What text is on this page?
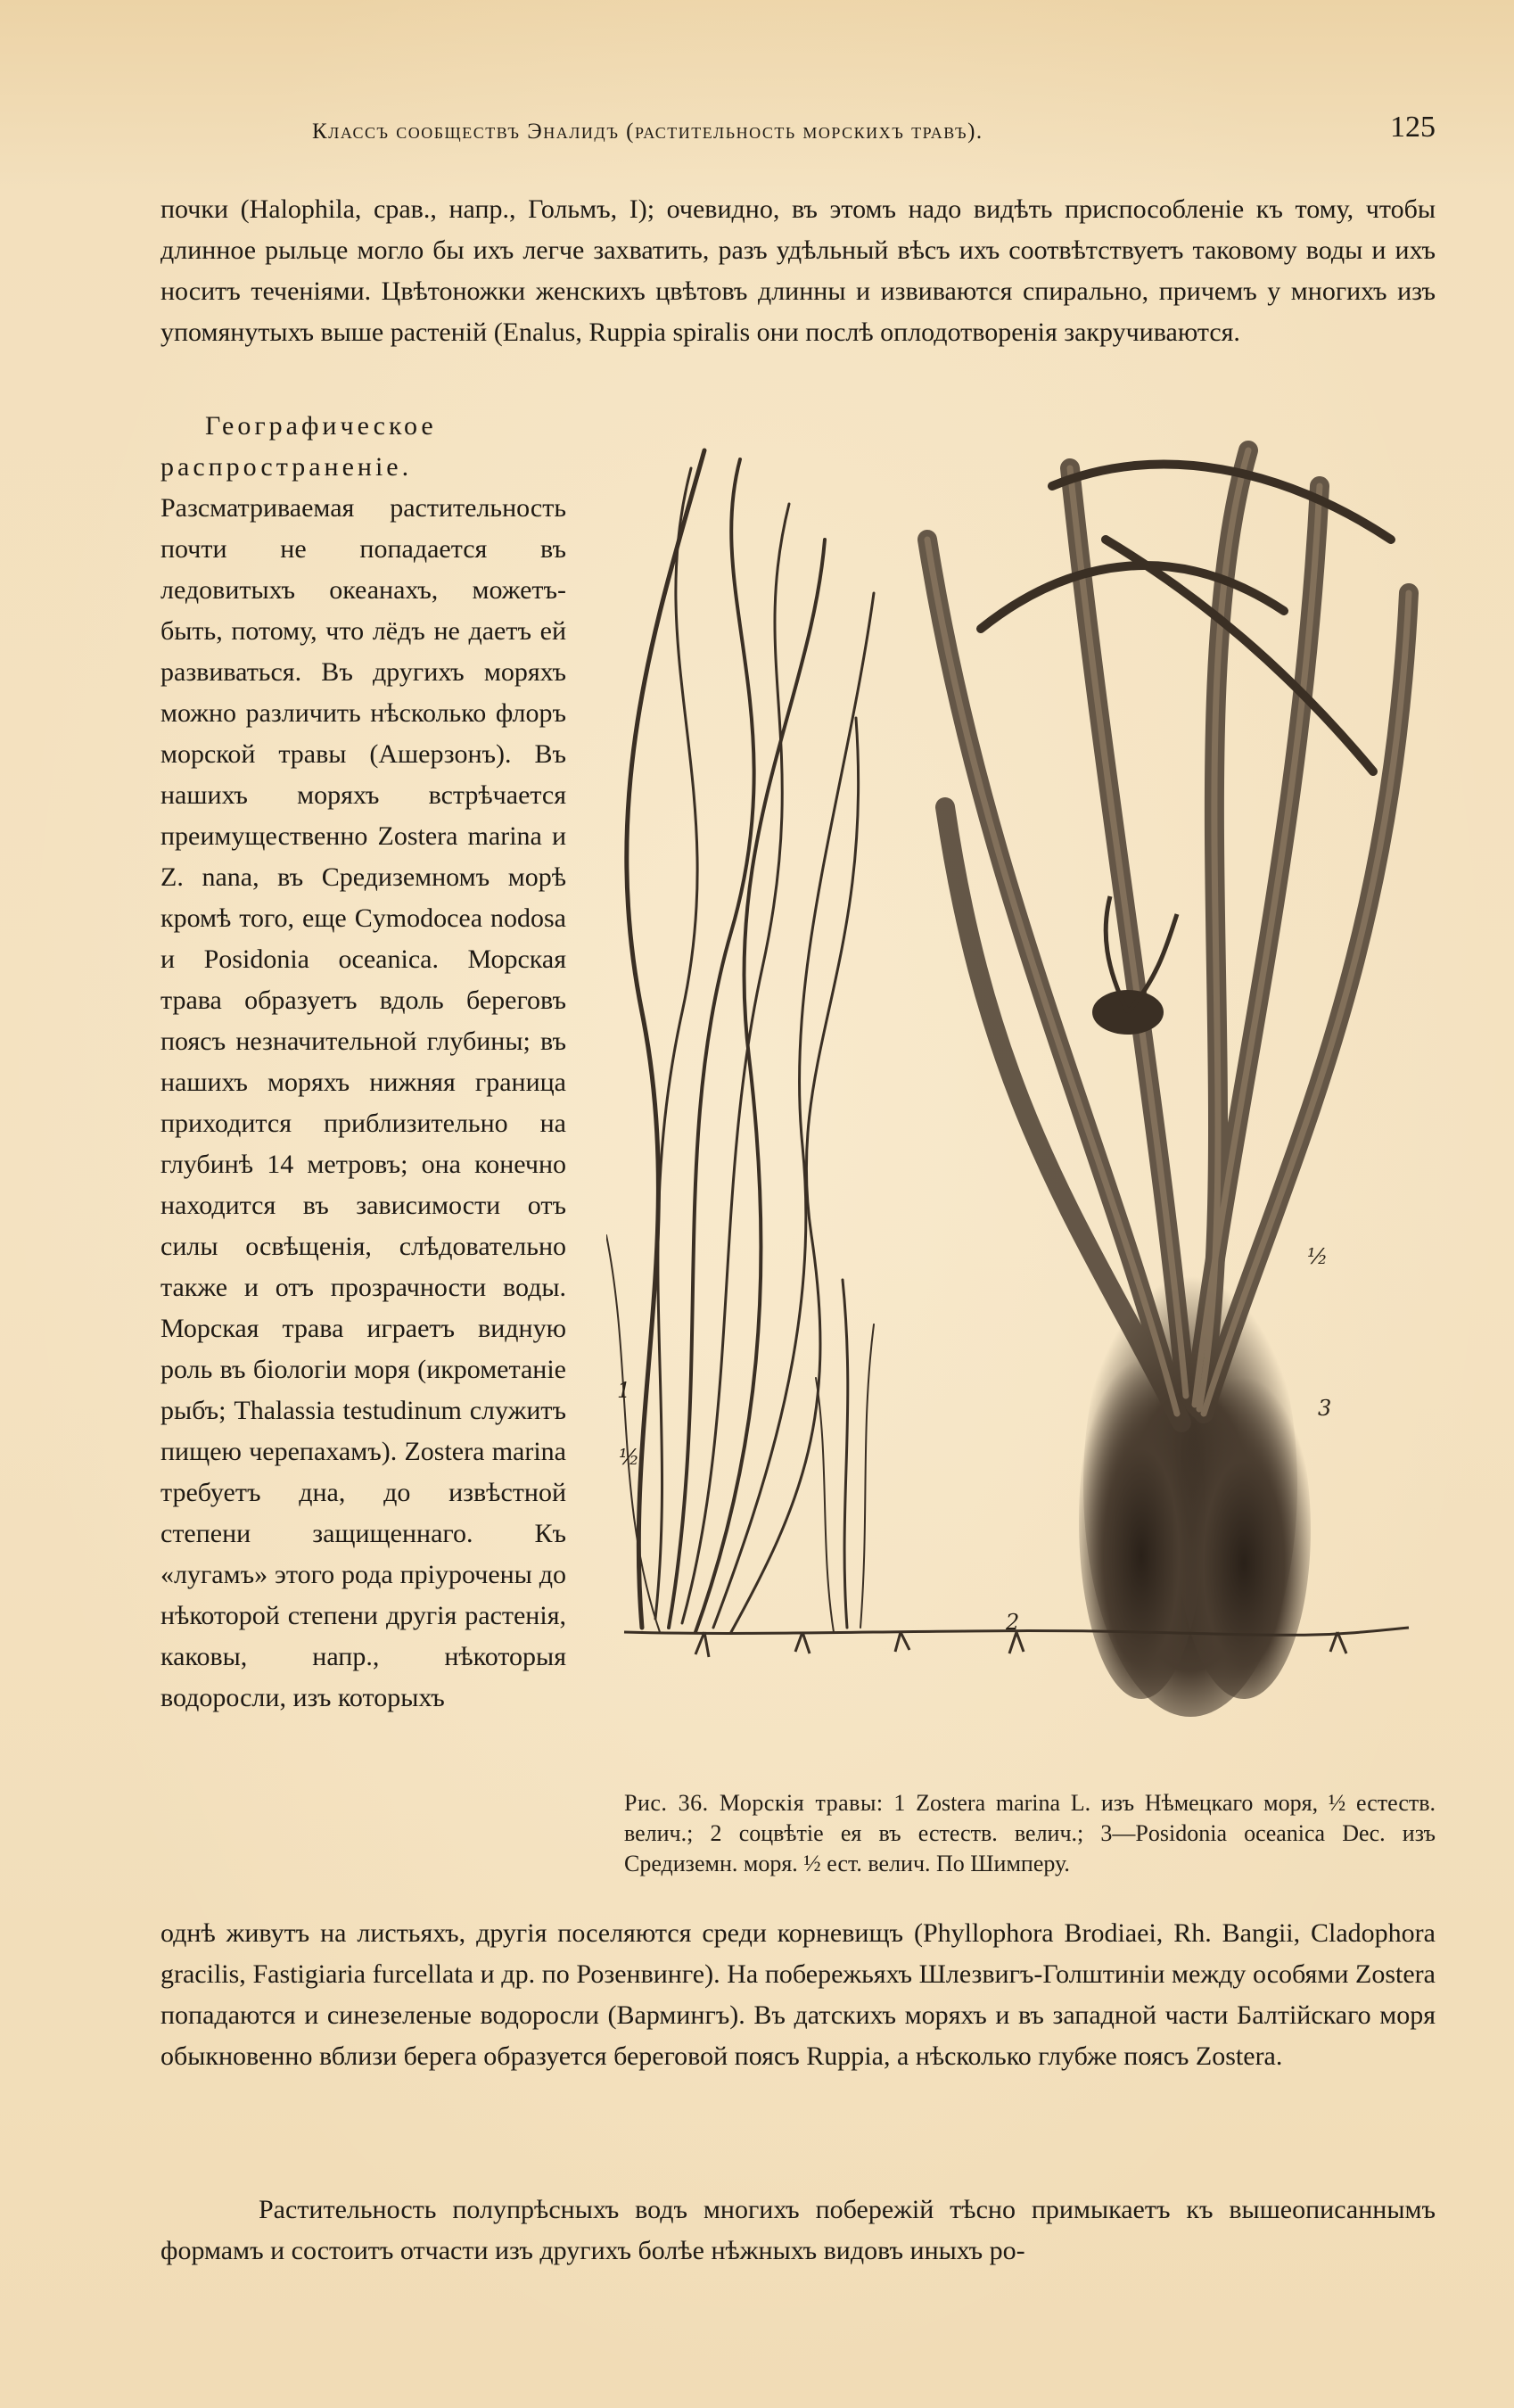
Классъ сообществъ Эналидъ (растительность морскихъ травъ).	125

почки (Halophila, срав., напр., Гольмъ, I); очевидно, въ этомъ надо видѣть приспособленіе къ тому, чтобы длинное рыльце могло бы ихъ легче захватить, разъ удѣльный вѣсъ ихъ соотвѣтствуетъ таковому воды и ихъ носитъ теченіями. Цвѣтоножки женскихъ цвѣтовъ длинны и извиваются спирально, причемъ у многихъ изъ упомянутыхъ выше растеній (Enalus, Ruppia spiralis они послѣ оплодотворенія закручиваются.

Географическое распространеніе. Разсматриваемая растительность почти не попадается въ ледовитыхъ океанахъ, можетъ-быть, потому, что лёдъ не даетъ ей развиваться. Въ другихъ моряхъ можно различить нѣсколько флоръ морской травы (Ашерзонъ). Въ нашихъ моряхъ встрѣчается преимущественно Zostera marina и Z. nana, въ Средиземномъ морѣ кромѣ того, еще Cymodocea nodosa и Posidonia oceanica. Морская трава образуетъ вдоль береговъ поясъ незначительной глубины; въ нашихъ моряхъ нижняя граница приходится приблизительно на глубинѣ 14 метровъ; она конечно находится въ зависимости отъ силы освѣщенія, слѣдовательно также и отъ прозрачности воды. Морская трава играетъ видную роль въ біологіи моря (икрометаніе рыбъ; Thalassia testudinum служитъ пищею черепахамъ). Zostera marina требуетъ дна, до извѣстной степени защищеннаго. Къ «лугамъ» этого рода пріурочены до нѣкоторой степени другія растенія, каковы, напр., нѣкоторыя водоросли, изъ которыхъ

1
½
2
3
½

Рис. 36. Морскія травы: 1 Zostera marina L. изъ Нѣмецкаго моря, ½ естеств. велич.; 2 соцвѣтіе ея въ естеств. велич.; 3—Posidonia oceanica Dec. изъ Средиземн. моря. ½ ест. велич. По Шимперу.

однѣ живутъ на листьяхъ, другія поселяются среди корневищъ (Phyllophora Brodiaei, Rh. Bangii, Cladophora gracilis, Fastigiaria furcellata и др. по Розенвинге). На побережьяхъ Шлезвигъ-Голштиніи между особями Zostera попадаются и синезеленые водоросли (Вармингъ). Въ датскихъ моряхъ и въ западной части Балтійскаго моря обыкновенно вблизи берега образуется береговой поясъ Ruppia, а нѣсколько глубже поясъ Zostera.

Растительность полупрѣсныхъ водъ многихъ побережій тѣсно примыкаетъ къ вышеописаннымъ формамъ и состоитъ отчасти изъ другихъ болѣе нѣжныхъ видовъ иныхъ ро-
